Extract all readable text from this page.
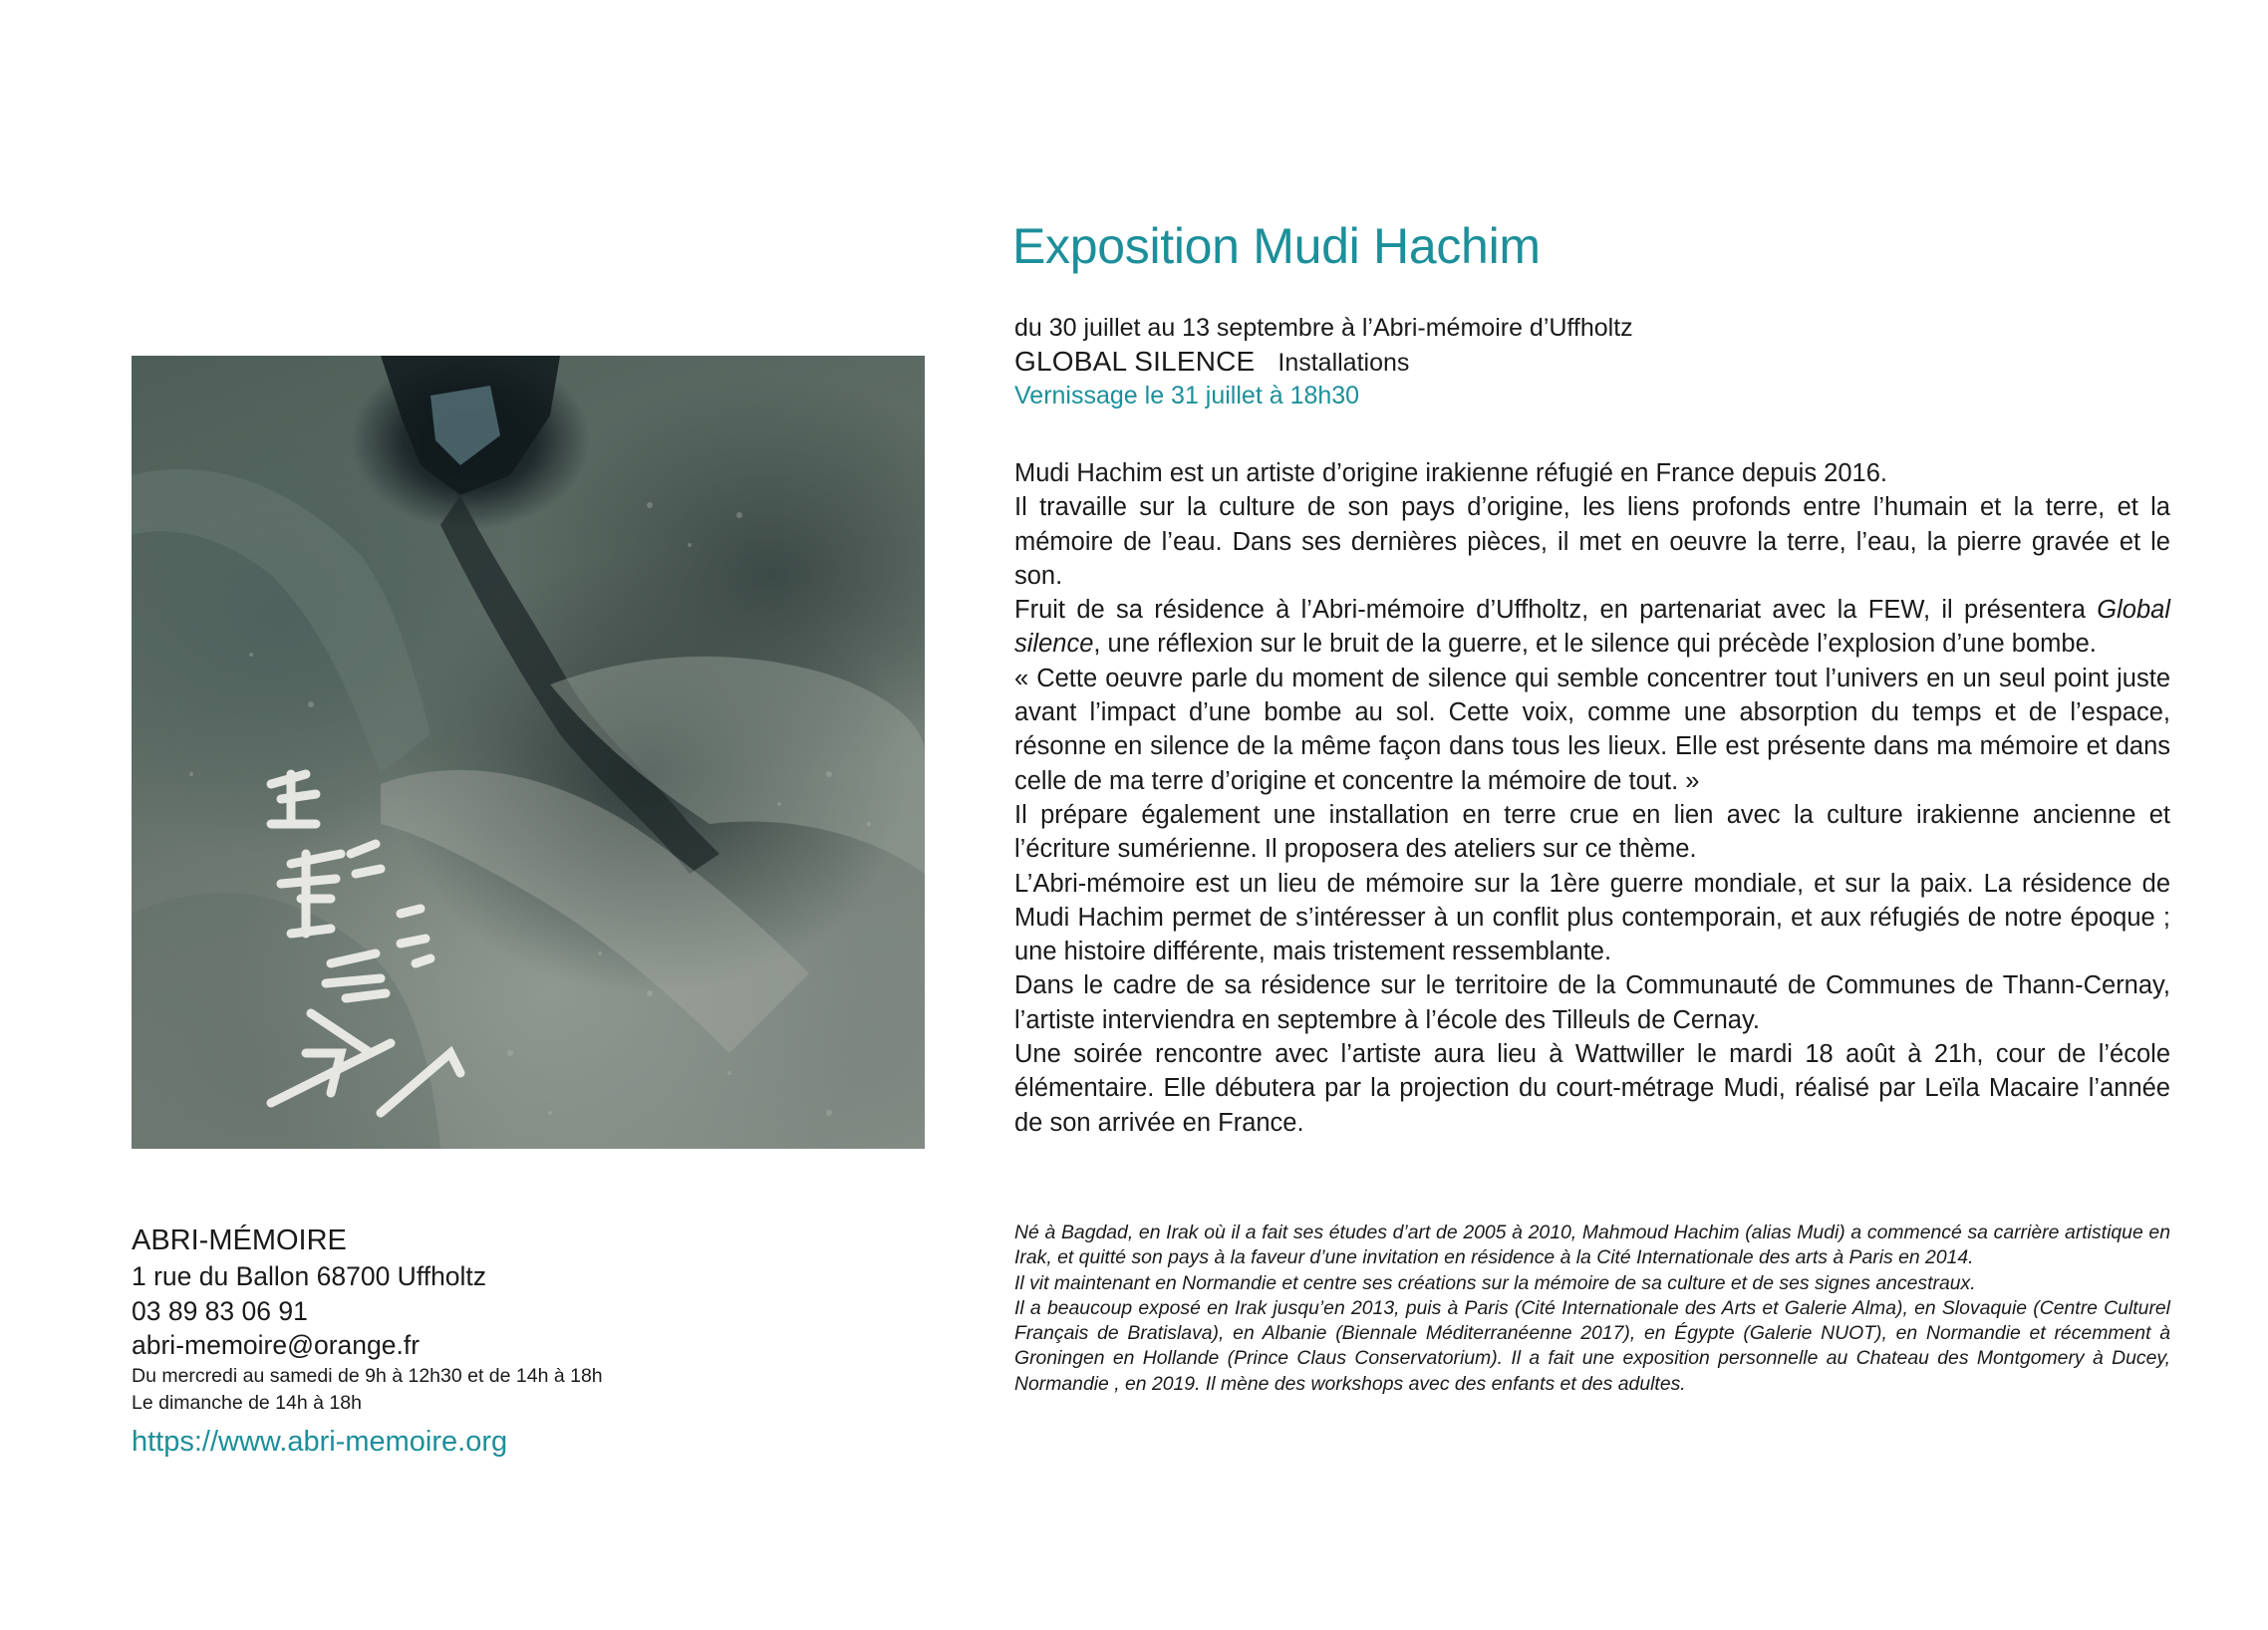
Exposition Mudi Hachim

du 30 juillet au 13 septembre à l’Abri-mémoire d’Uffholtz

GLOBAL SILENCE Installations

Vernissage le 31 juillet à 18h30

Mudi Hachim est un artiste d’origine irakienne réfugié en France depuis 2016.

Il travaille sur la culture de son pays d’origine, les liens profonds entre l’humain et la terre, et la mémoire de l’eau. Dans ses dernières pièces, il met en oeuvre la terre, l’eau, la pierre gravée et le son.

Fruit de sa résidence à l’Abri-mémoire d’Uffholtz, en partenariat avec la FEW, il présentera Global silence, une réflexion sur le bruit de la guerre, et le silence qui précède l’explosion d’une bombe.

« Cette oeuvre parle du moment de silence qui semble concentrer tout l’univers en un seul point juste avant l’impact d’une bombe au sol. Cette voix, comme une absorption du temps et de l’espace, résonne en silence de la même façon dans tous les lieux. Elle est présente dans ma mémoire et dans celle de ma terre d’origine et concentre la mémoire de tout. »

Il prépare également une installation en terre crue en lien avec la culture irakienne ancienne et l’écriture sumérienne. Il proposera des ateliers sur ce thème.

L’Abri-mémoire est un lieu de mémoire sur la 1ère guerre mondiale, et sur la paix. La résidence de Mudi Hachim permet de s’intéresser à un conflit plus contemporain, et aux réfugiés de notre époque ; une histoire différente, mais tristement ressemblante.

Dans le cadre de sa résidence sur le territoire de la Communauté de Communes de Thann-Cernay, l’artiste interviendra en septembre à l’école des Tilleuls de Cernay.

Une soirée rencontre avec l’artiste aura lieu à Wattwiller le mardi 18 août à 21h, cour de l’école élémentaire. Elle débutera par la projection du court-métrage Mudi, réalisé par Leïla Macaire l’année de son arrivée en France.

Né à Bagdad, en Irak où il a fait ses études d’art de 2005 à 2010, Mahmoud Hachim (alias Mudi) a commencé sa carrière artistique en Irak, et quitté son pays à la faveur d’une invitation en résidence à la Cité Internationale des arts à Paris en 2014.

Il vit maintenant en Normandie et centre ses créations sur la mémoire de sa culture et de ses signes ancestraux.

Il a beaucoup exposé en Irak jusqu’en 2013, puis à Paris (Cité Internationale des Arts et Galerie Alma), en Slovaquie (Centre Culturel Français de Bratislava), en Albanie (Biennale Méditerranéenne 2017), en Égypte (Galerie NUOT), en Normandie et récemment à Groningen en Hollande (Prince Claus Conservatorium). Il a fait une exposition personnelle au Chateau des Montgomery à Ducey, Normandie , en 2019. Il mène des workshops avec des enfants et des adultes.

ABRI-MÉMOIRE

1 rue du Ballon 68700 Uffholtz

03 89 83 06 91

abri-memoire@orange.fr

Du mercredi au samedi de 9h à 12h30 et de 14h à 18h

Le dimanche de 14h à 18h

https://www.abri-memoire.org
